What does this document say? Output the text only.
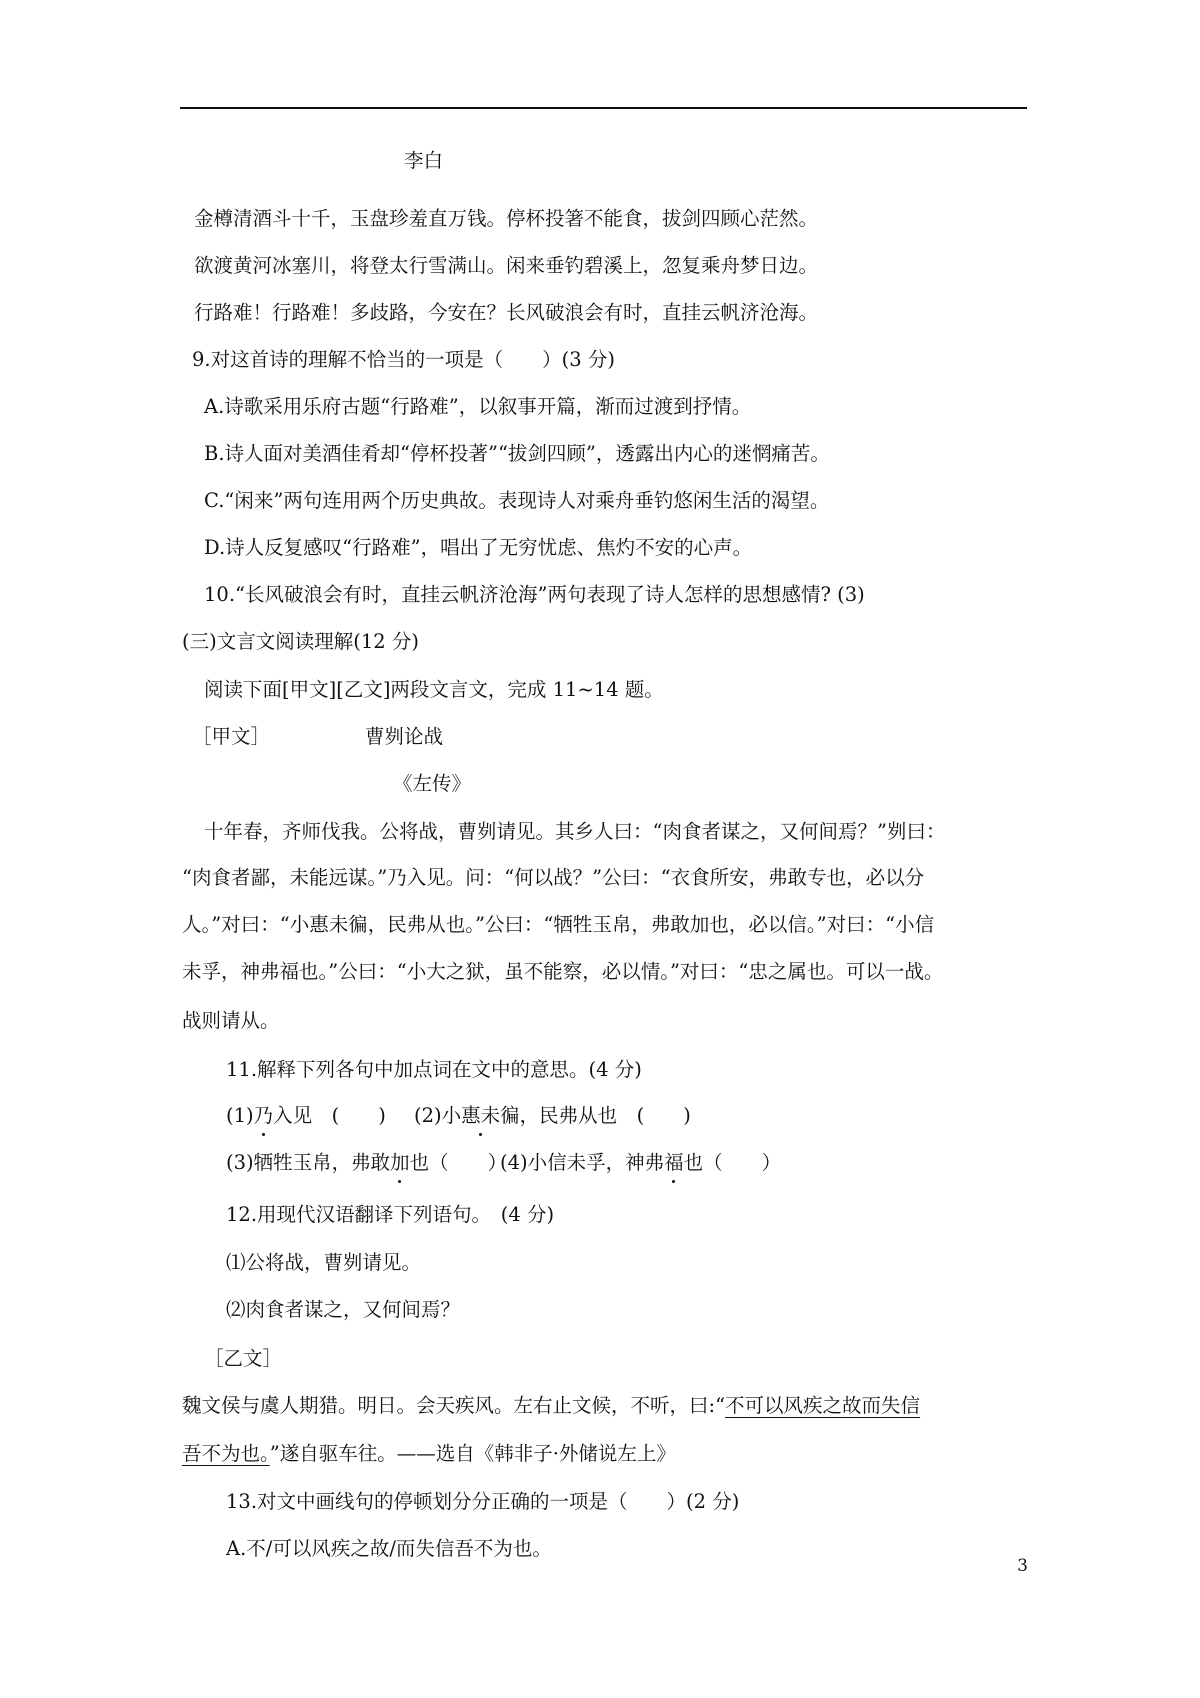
李白
金樽清酒斗十千，玉盘珍羞直万钱。停杯投箸不能食，拔剑四顾心茫然。
欲渡黄河冰塞川，将登太行雪满山。闲来垂钓碧溪上，忽复乘舟梦日边。
行路难！行路难！多歧路，今安在？长风破浪会有时，直挂云帆济沧海。
9.对这首诗的理解不恰当的一项是（　　）(3 分)
A.诗歌采用乐府古题“行路难”，以叙事开篇，渐而过渡到抒情。
B.诗人面对美酒佳肴却“停杯投著”“拔剑四顾”，透露出内心的迷惘痛苦。
C.“闲来”两句连用两个历史典故。表现诗人对乘舟垂钓悠闲生活的渴望。
D.诗人反复感叹“行路难”，唱出了无穷忧虑、焦灼不安的心声。
10.“长风破浪会有时，直挂云帆济沧海”两句表现了诗人怎样的思想感情? (3)
(三)文言文阅读理解(12 分)
阅读下面[甲文][乙文]两段文言文，完成 11~14 题。
［甲文］	曹刿论战
《左传》
十年春，齐师伐我。公将战，曹刿请见。其乡人曰：“肉食者谋之，又何间焉？”刿曰：
“肉食者鄙，未能远谋。”乃入见。问：“何以战？”公曰：“衣食所安，弗敢专也，必以分
人。”对曰：“小惠未徧，民弗从也。”公曰：“牺牲玉帛，弗敢加也，必以信。”对曰：“小信
未孚，神弗福也。”公曰：“小大之狱，虽不能察，必以情。”对曰：“忠之属也。可以一战。
战则请从。
11.解释下列各句中加点词在文中的意思。(4 分)
(1)乃入见　(　　) (2)小惠未徧，民弗从也　(　　)
(3)牺牲玉帛，弗敢加也（　　）
(4)小信未孚，神弗福也（　　）
12.用现代汉语翻译下列语句。　(4 分)
⑴公将战，曹刿请见。
⑵肉食者谋之，又何间焉？
［乙文］
魏文侯与虞人期猎。明日。会天疾风。左右止文候，不听，曰:“不可以风疾之故而失信
吾不为也。”遂自驱车往。——选自《韩非子·外储说左上》
13.对文中画线句的停顿划分分正确的一项是（　　）(2 分)
A.不/可以风疾之故/而失信吾不为也。
3
